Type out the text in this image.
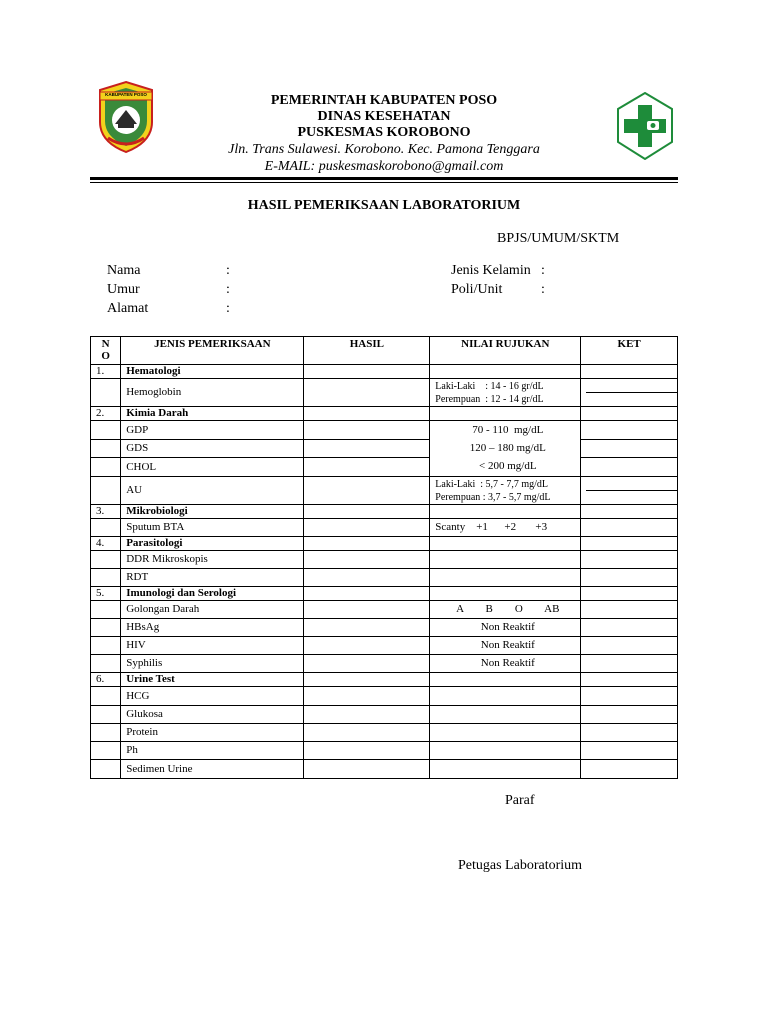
KABUPATEN POSO	PEMERINTAH KABUPATEN POSO
DINAS KESEHATAN
PUSKESMAS KOROBONO
Jln. Trans Sulawesi. Korobono. Kec. Pamona Tenggara
E-MAIL: puskesmaskorobono@gmail.com
HASIL PEMERIKSAAN LABORATORIUM
BPJS/UMUM/SKTM
Nama	:
Umur	:
Alamat	:
Jenis Kelamin :
Poli/Unit	:
N
O	JENIS PEMERIKSAAN	HASIL	NILAI RUJUKAN	KET
1.	Hematologi			
	Hemoglobin		Laki-Laki    : 14 - 16 gr/dL
Perempuan  : 12 - 14 gr/dL	

2.	Kimia Darah			
	GDP		70 - 110  mg/dL	
	GDS		120 – 180 mg/dL	
	CHOL		< 200 mg/dL	
	AU		Laki-Laki  : 5,7 - 7,7 mg/dL
Perempuan : 3,7 - 5,7 mg/dL	

3.	Mikrobiologi			
	Sputum BTA		Scanty    +1      +2       +3	
4.	Parasitologi			
	DDR Mikroskopis			
	RDT			
5.	Imunologi dan Serologi			
	Golongan Darah		A        B        O        AB	
	HBsAg		Non Reaktif	
	HIV		Non Reaktif	
	Syphilis		Non Reaktif	
6.	Urine Test			
	HCG			
	Glukosa			
	Protein			
	Ph			
	Sedimen Urine			
Paraf
Petugas Laboratorium
